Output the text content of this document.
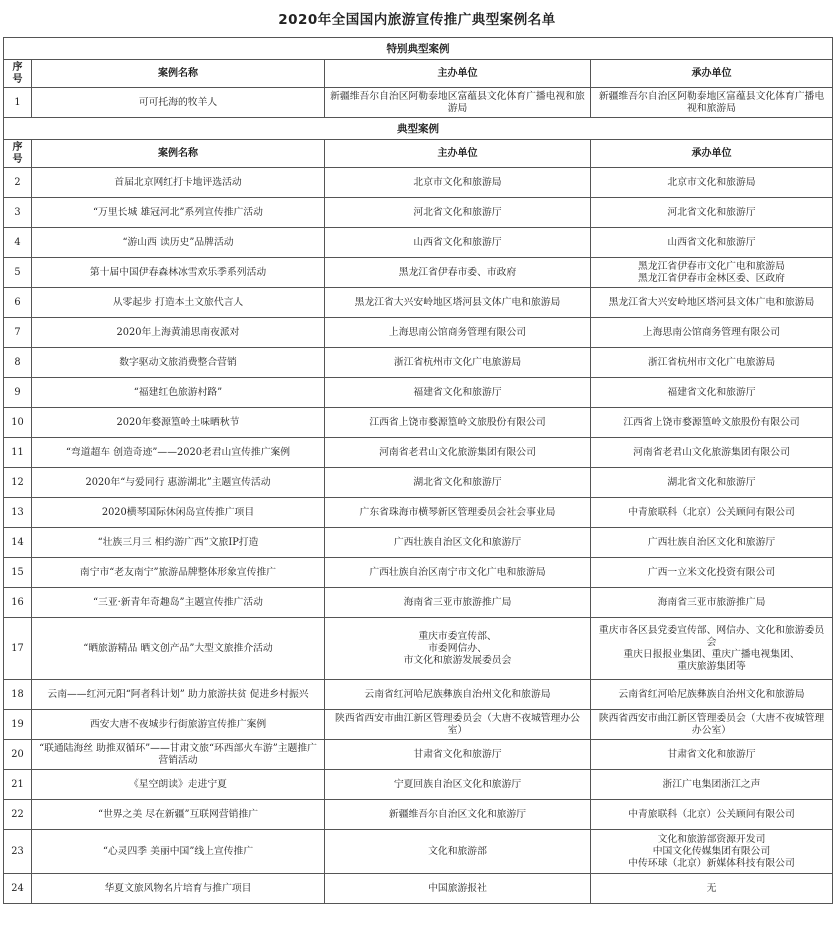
2020年全国国内旅游宣传推广典型案例名单
特别典型案例			
序
号	案例名称	主办单位	承办单位
1	可可托海的牧羊人	新疆维吾尔自治区阿勒泰地区富蕴县文化体育广播电视和旅游局	新疆维吾尔自治区阿勒泰地区富蕴县文化体育广播电视和旅游局
典型案例			
序
号	案例名称	主办单位	承办单位
2	首届北京网红打卡地评选活动	北京市文化和旅游局	北京市文化和旅游局
3	“万里长城 雄冠河北”系列宣传推广活动	河北省文化和旅游厅	河北省文化和旅游厅
4	“游山西 读历史”品牌活动	山西省文化和旅游厅	山西省文化和旅游厅
5	第十届中国伊春森林冰雪欢乐季系列活动	黑龙江省伊春市委、市政府	黑龙江省伊春市文化广电和旅游局
黑龙江省伊春市金林区委、区政府
6	从零起步 打造本土文旅代言人	黑龙江省大兴安岭地区塔河县文体广电和旅游局	黑龙江省大兴安岭地区塔河县文体广电和旅游局
7	2020年上海黄浦思南夜派对	上海思南公馆商务管理有限公司	上海思南公馆商务管理有限公司
8	数字驱动文旅消费整合营销	浙江省杭州市文化广电旅游局	浙江省杭州市文化广电旅游局
9	“福建红色旅游村路”	福建省文化和旅游厅	福建省文化和旅游厅
10	2020年婺源篁岭土味晒秋节	江西省上饶市婺源篁岭文旅股份有限公司	江西省上饶市婺源篁岭文旅股份有限公司
11	“弯道超车 创造奇迹”——2020老君山宣传推广案例	河南省老君山文化旅游集团有限公司	河南省老君山文化旅游集团有限公司
12	2020年“与爱同行 惠游湖北”主题宣传活动	湖北省文化和旅游厅	湖北省文化和旅游厅
13	2020横琴国际休闲岛宣传推广项目	广东省珠海市横琴新区管理委员会社会事业局	中青旅联科（北京）公关顾问有限公司
14	“壮族三月三 相约游广西”文旅IP打造	广西壮族自治区文化和旅游厅	广西壮族自治区文化和旅游厅
15	南宁市“老友南宁”旅游品牌整体形象宣传推广	广西壮族自治区南宁市文化广电和旅游局	广西一立米文化投资有限公司
16	“三亚·新青年奇趣岛”主题宣传推广活动	海南省三亚市旅游推广局	海南省三亚市旅游推广局
17	“晒旅游精品 晒文创产品”大型文旅推介活动	重庆市委宣传部、
市委网信办、
市文化和旅游发展委员会	重庆市各区县党委宣传部、网信办、文化和旅游委员会
重庆日报报业集团、重庆广播电视集团、
重庆旅游集团等
18	云南——红河元阳“阿者科计划” 助力旅游扶贫 促进乡村振兴	云南省红河哈尼族彝族自治州文化和旅游局	云南省红河哈尼族彝族自治州文化和旅游局
19	西安大唐不夜城步行街旅游宣传推广案例	陕西省西安市曲江新区管理委员会（大唐不夜城管理办公室）	陕西省西安市曲江新区管理委员会（大唐不夜城管理办公室）
20	“联通陆海丝 助推双循环”——甘肃文旅“环西部火车游”主题推广营销活动	甘肃省文化和旅游厅	甘肃省文化和旅游厅
21	《星空朗读》走进宁夏	宁夏回族自治区文化和旅游厅	浙江广电集团浙江之声
22	“世界之美 尽在新疆”互联网营销推广	新疆维吾尔自治区文化和旅游厅	中青旅联科（北京）公关顾问有限公司
23	“心灵四季 美丽中国”线上宣传推广	文化和旅游部	文化和旅游部资源开发司
中国文化传媒集团有限公司
中传环球（北京）新媒体科技有限公司
24	华夏文旅风物名片培育与推广项目	中国旅游报社	无
